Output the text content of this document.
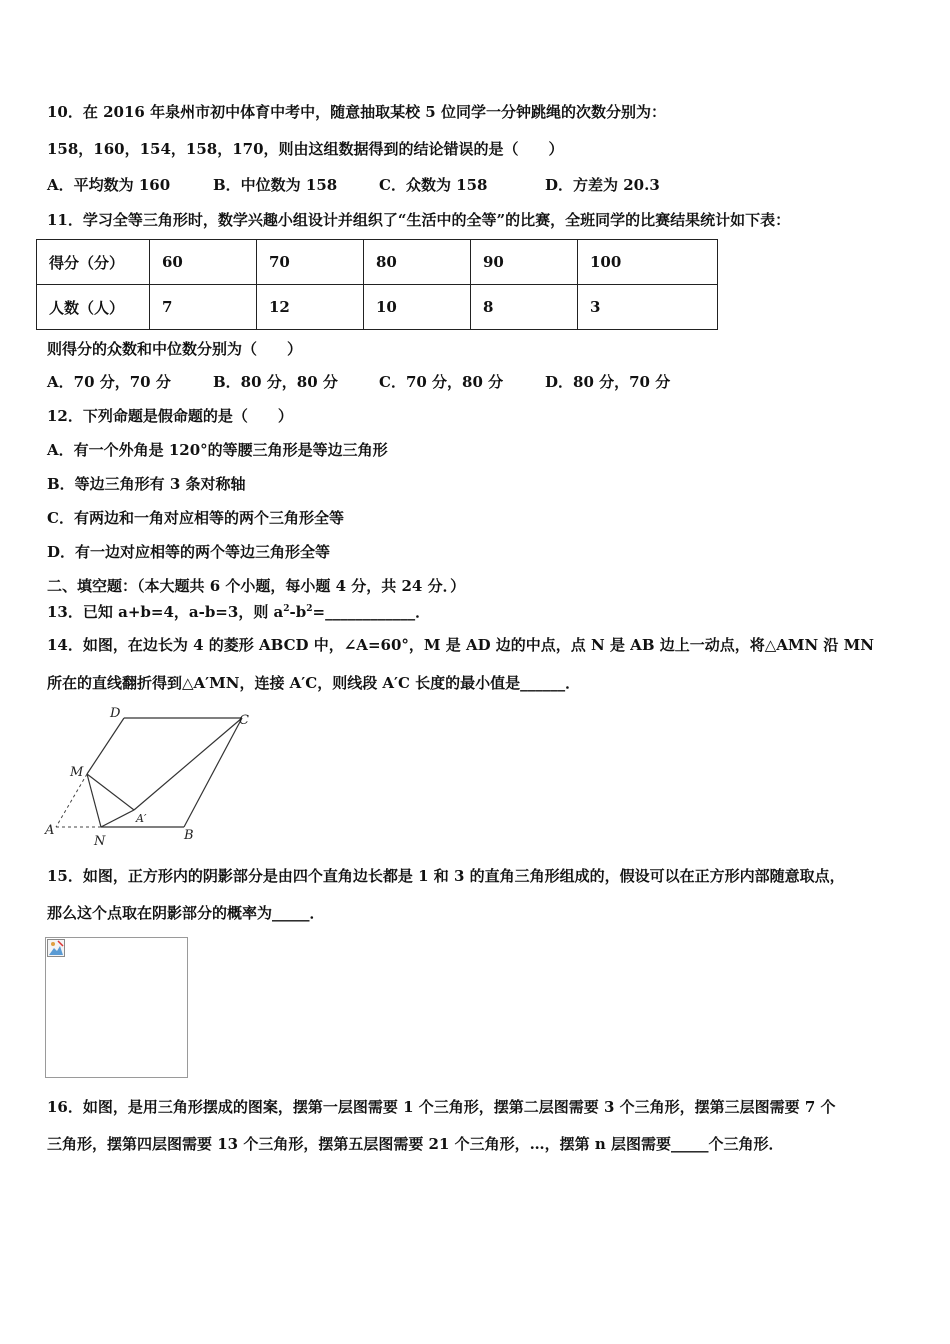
10．在 2016 年泉州市初中体育中考中，随意抽取某校 5 位同学一分钟跳绳的次数分别为：
158，160，154，158，170，则由这组数据得到的结论错误的是（　　）
A．平均数为 160	B．中位数为 158	C．众数为 158	D．方差为 20.3
11．学习全等三角形时，数学兴趣小组设计并组织了“生活中的全等”的比赛，全班同学的比赛结果统计如下表：
得分（分）	60	70	80	90	100
人数（人）	7	12	10	8	3
则得分的众数和中位数分别为（　　）
A．70 分，70 分	B．80 分，80 分	C．70 分，80 分	D．80 分，70 分
12．下列命题是假命题的是（　　）
A．有一个外角是 120°的等腰三角形是等边三角形
B．等边三角形有 3 条对称轴
C．有两边和一角对应相等的两个三角形全等
D．有一边对应相等的两个等边三角形全等
二、填空题：（本大题共 6 个小题，每小题 4 分，共 24 分．）
13．已知 a+b=4，a-b=3，则 $a^2-b^2=\_\_\_\_\_\_\_\_\_\_\_\_$．
14．如图，在边长为 4 的菱形 ABCD 中，∠A=60°，M 是 AD 边的中点，点 N 是 AB 边上一动点，将△AMN 沿 MN
所在的直线翻折得到△A′MN，连接 A′C，则线段 A′C 长度的最小值是______．
D	C
M
A′
A
N	B
15．如图，正方形内的阴影部分是由四个直角边长都是 1 和 3 的直角三角形组成的，假设可以在正方形内部随意取点，
那么这个点取在阴影部分的概率为_____．
16．如图，是用三角形摆成的图案，摆第一层图需要 1 个三角形，摆第二层图需要 3 个三角形，摆第三层图需要 7 个
三角形，摆第四层图需要 13 个三角形，摆第五层图需要 21 个三角形，…，摆第 n 层图需要_____个三角形．
